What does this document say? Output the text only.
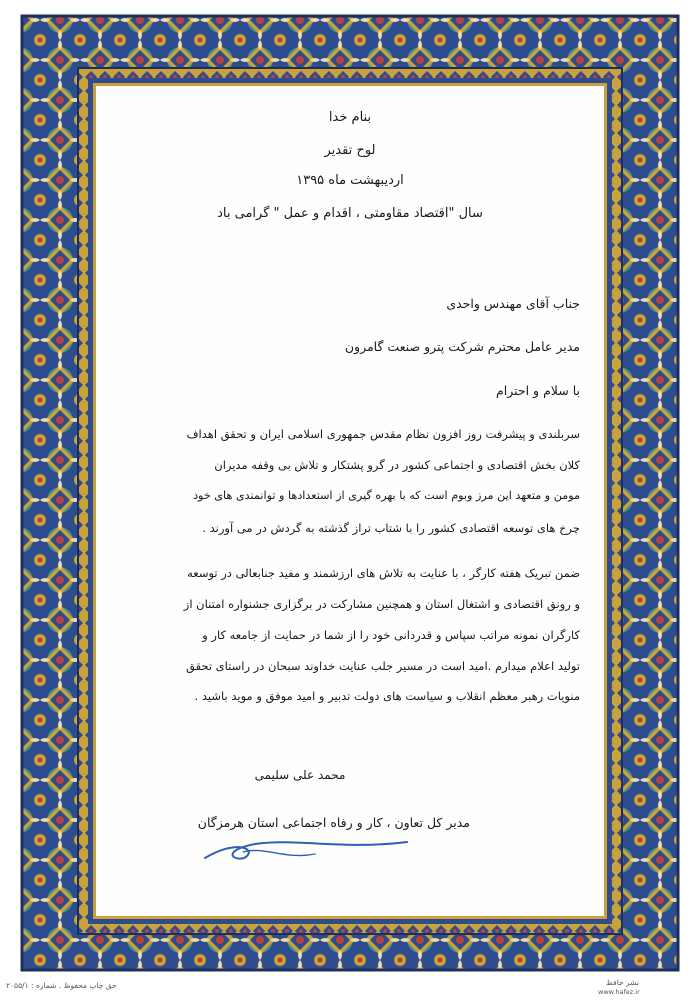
بنام خدا
لوح تقدیر
اردیبهشت ماه ۱۳۹۵
سال "اقتصاد مقاومتی ، اقدام و عمل " گرامی باد
جناب آقای مهندس واحدی
مدیر عامل محترم شرکت پترو صنعت گامرون
با سلام و احترام
سربلندی و پیشرفت روز افزون نظام مقدس جمهوری اسلامی ایران و تحقق اهداف
کلان بخش اقتصادی و اجتماعی کشور در گرو پشتکار و تلاش بی وقفه مدیران
مومن و متعهد این مرز وبوم است که با بهره گیری از استعدادها و توانمندی های خود
چرخ های توسعه اقتصادی کشور را با شتاب تراز گذشته به گردش در می آورند .
ضمن تبریک هفته کارگر ، با عنایت به تلاش های ارزشمند و مفید جنابعالی در توسعه
و رونق اقتصادی و اشتغال استان و همچنین مشارکت در برگزاری جشنواره امتنان از
کارگران نمونه مراتب سپاس و قدردانی خود را از شما در حمایت از جامعه کار و
تولید اعلام میدارم .امید است در مسیر جلب عنایت خداوند سبحان در راستای تحقق
منویات رهبر معظم انقلاب و سیاست های دولت تدبیر و امید موفق و موید باشید .
محمد علی سلیمی
مدیر کل تعاون ، کار و رفاه اجتماعی استان هرمزگان
حق چاپ محفوظ . شماره : ۲۰۵۵/۱	نشر حافظ
www.hafez.ir
